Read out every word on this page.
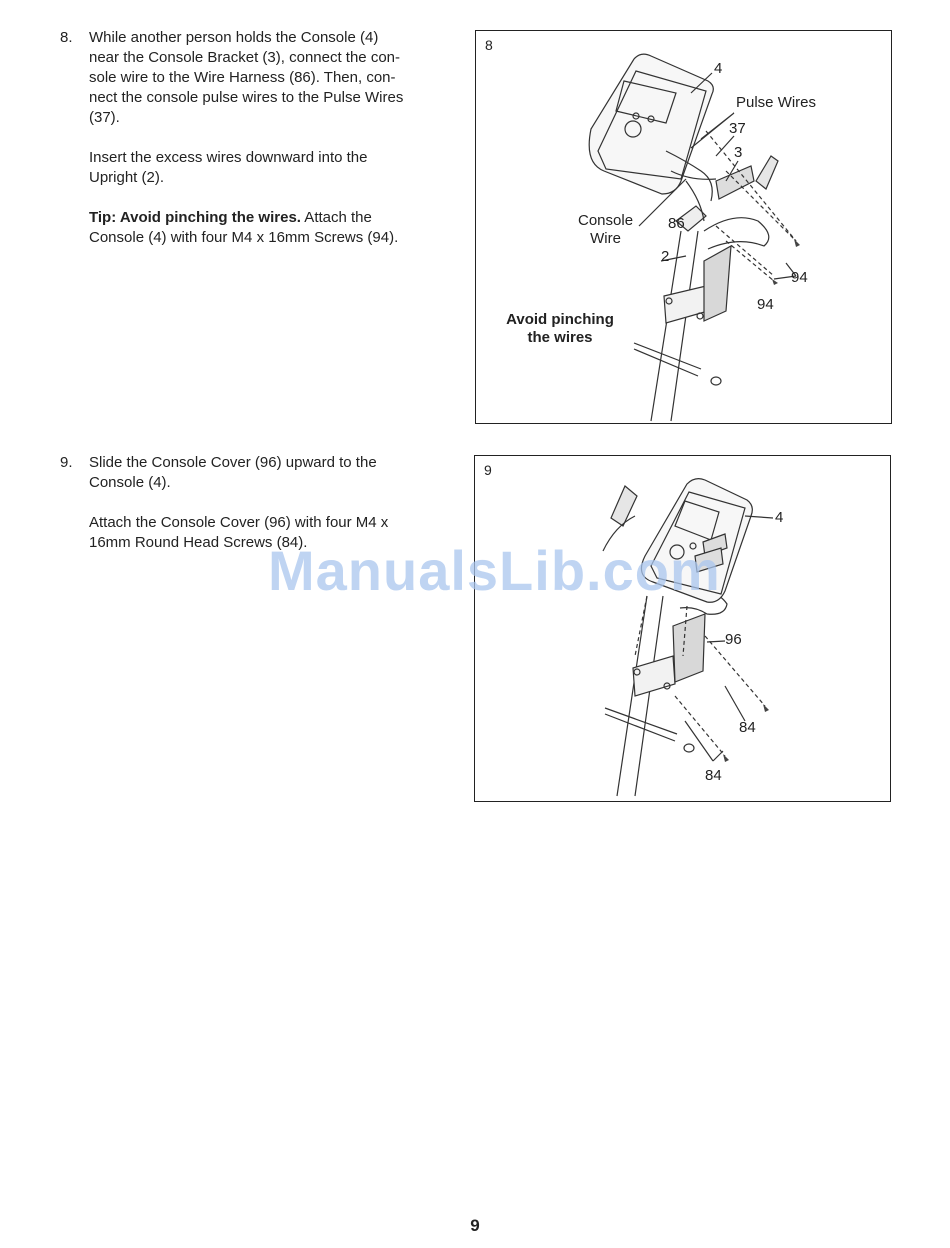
8. While another person holds the Console (4)
near the Console Bracket (3), connect the con-
sole wire to the Wire Harness (86). Then, con-
nect the console pulse wires to the Pulse Wires
(37).

Insert the excess wires downward into the
Upright (2).

Tip: Avoid pinching the wires. Attach the
Console (4) with four M4 x 16mm Screws (94).

9. Slide the Console Cover (96) upward to the
Console (4).

Attach the Console Cover (96) with four M4 x
16mm Round Head Screws (84).

8
4
Pulse Wires
37
3
Console
Wire
86
2
94
94
Avoid pinching
the wires
9
4
96
84
84
ManualsLib.com
9
